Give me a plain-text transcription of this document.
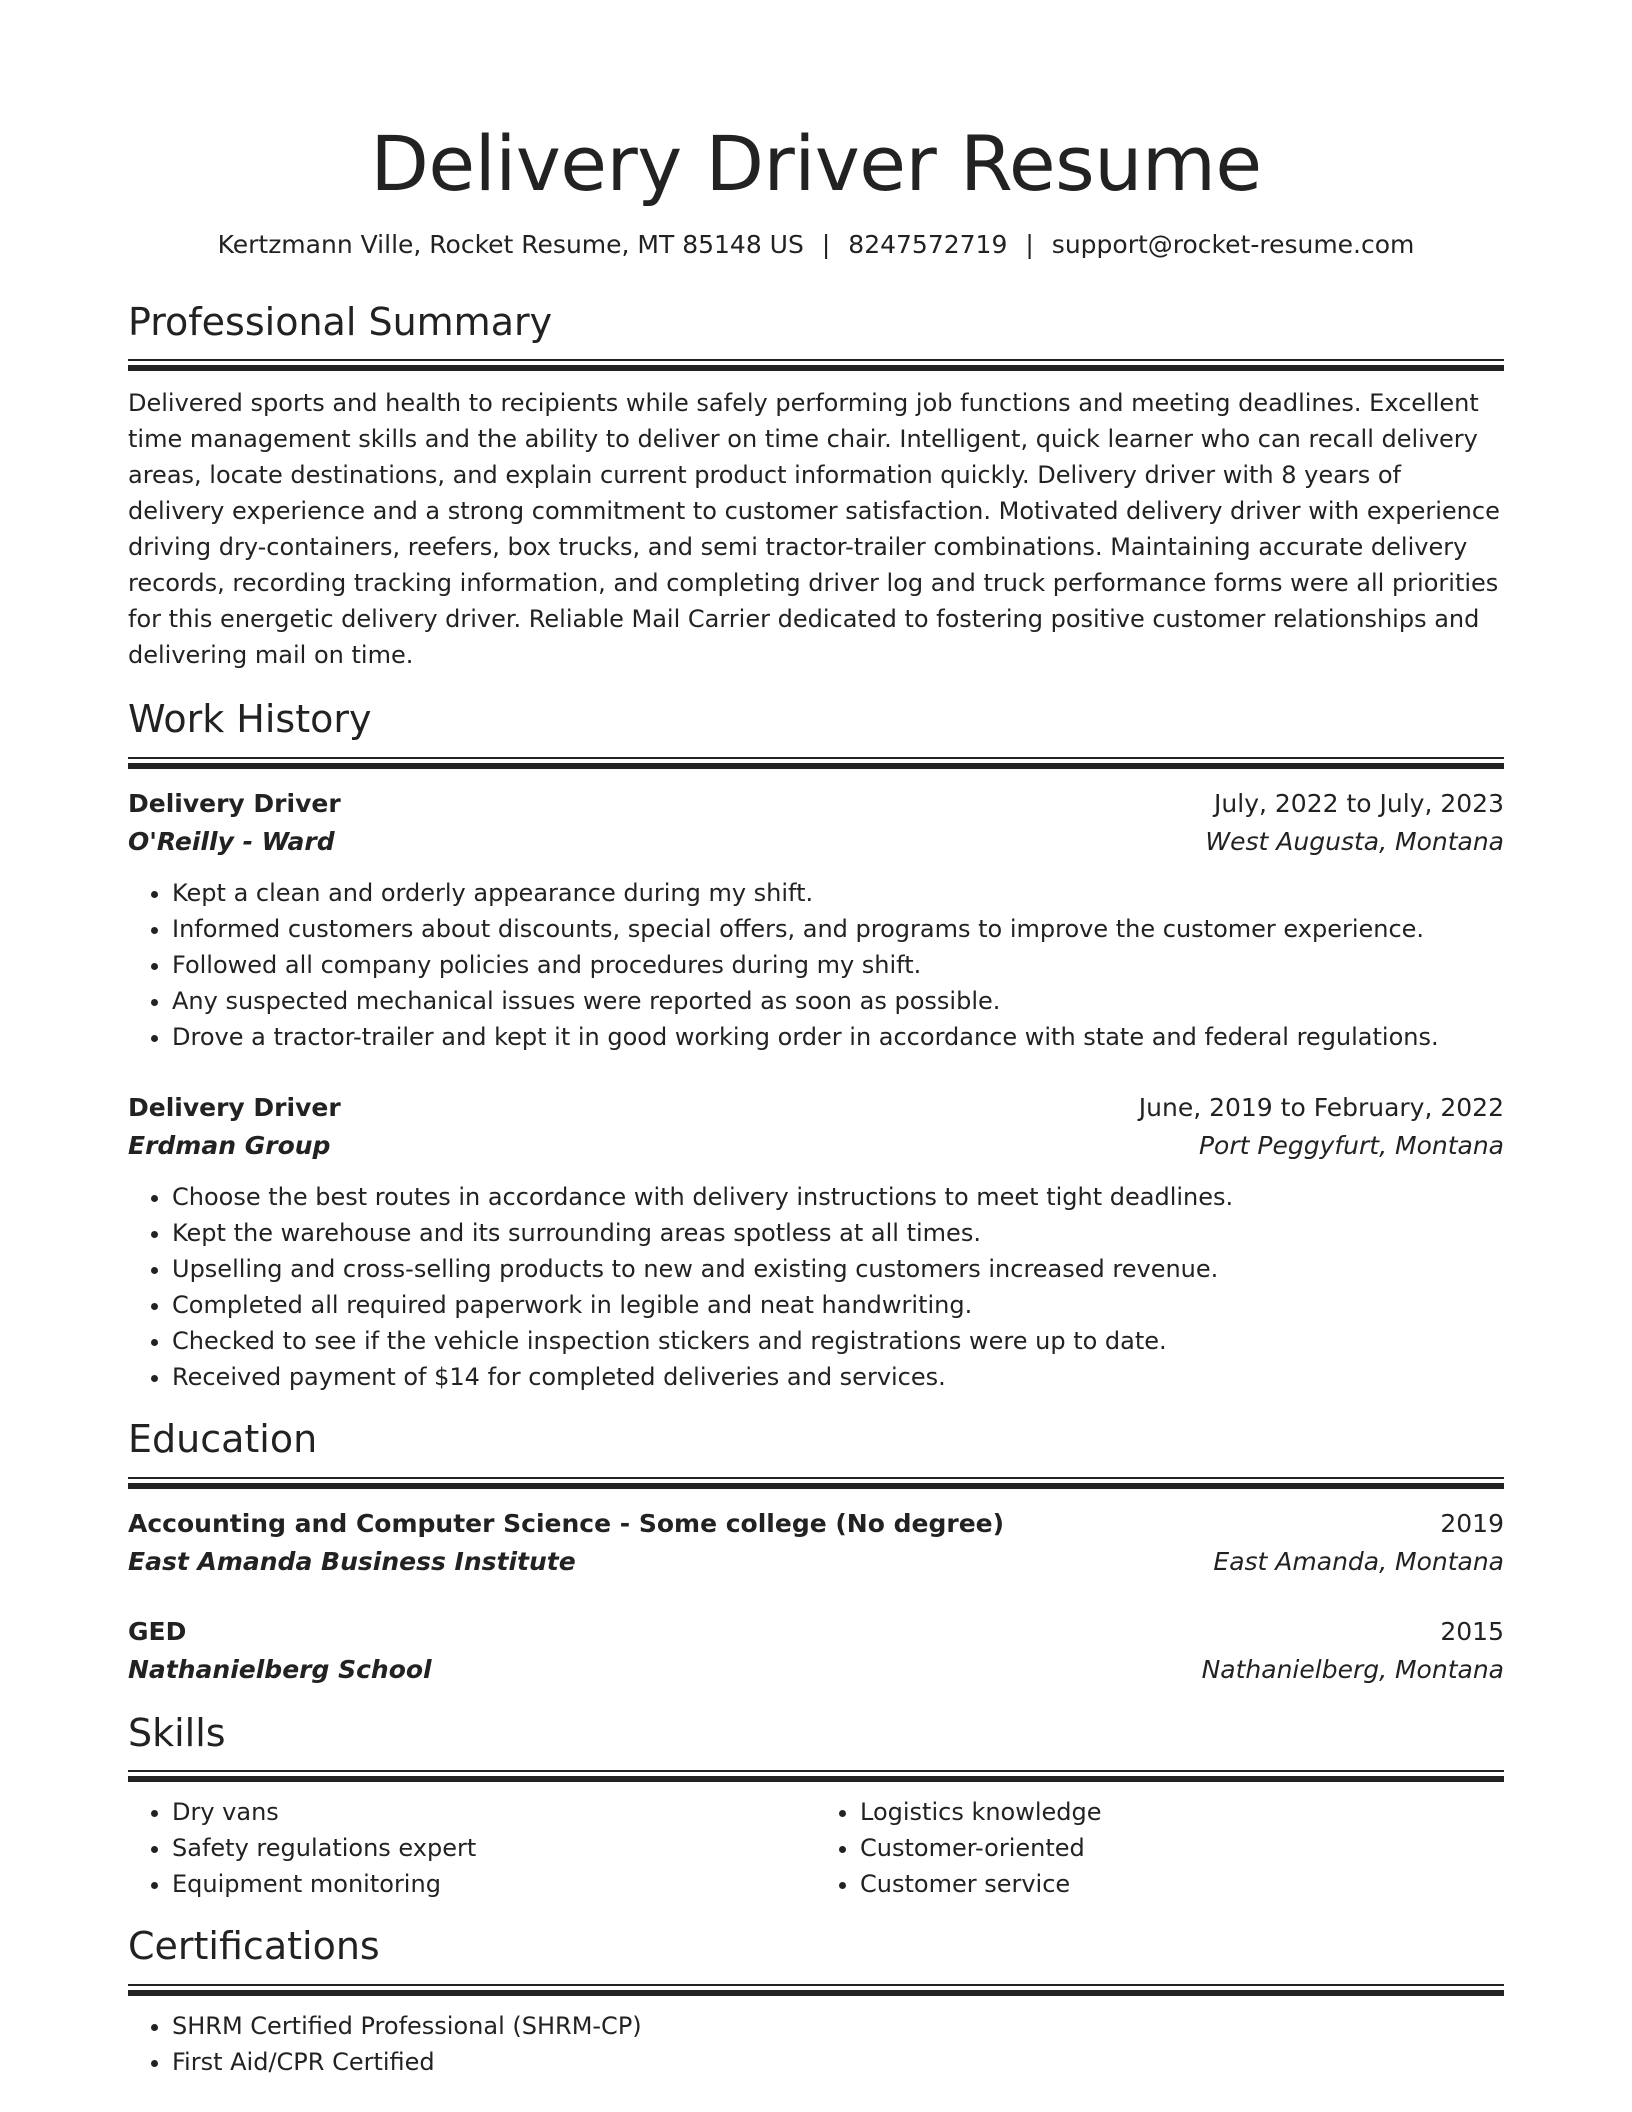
Delivery Driver Resume
Kertzmann Ville, Rocket Resume, MT 85148 US | 8247572719 | support@rocket-resume.com
Professional Summary
Delivered sports and health to recipients while safely performing job functions and meeting deadlines. Excellent time management skills and the ability to deliver on time chair. Intelligent, quick learner who can recall delivery areas, locate destinations, and explain current product information quickly. Delivery driver with 8 years of delivery experience and a strong commitment to customer satisfaction. Motivated delivery driver with experience driving dry-containers, reefers, box trucks, and semi tractor-trailer combinations. Maintaining accurate delivery records, recording tracking information, and completing driver log and truck performance forms were all priorities for this energetic delivery driver. Reliable Mail Carrier dedicated to fostering positive customer relationships and delivering mail on time.
Work History
Delivery Driver	July, 2022 to July, 2023
O'Reilly - Ward	West Augusta, Montana
• Kept a clean and orderly appearance during my shift.
• Informed customers about discounts, special offers, and programs to improve the customer experience.
• Followed all company policies and procedures during my shift.
• Any suspected mechanical issues were reported as soon as possible.
• Drove a tractor-trailer and kept it in good working order in accordance with state and federal regulations.
Delivery Driver	June, 2019 to February, 2022
Erdman Group	Port Peggyfurt, Montana
• Choose the best routes in accordance with delivery instructions to meet tight deadlines.
• Kept the warehouse and its surrounding areas spotless at all times.
• Upselling and cross-selling products to new and existing customers increased revenue.
• Completed all required paperwork in legible and neat handwriting.
• Checked to see if the vehicle inspection stickers and registrations were up to date.
• Received payment of $14 for completed deliveries and services.
Education
Accounting and Computer Science - Some college (No degree)	2019
East Amanda Business Institute	East Amanda, Montana
GED	2015
Nathanielberg School	Nathanielberg, Montana
Skills
• Dry vans
• Safety regulations expert
• Equipment monitoring
• Logistics knowledge
• Customer-oriented
• Customer service
Certifications
• SHRM Certified Professional (SHRM-CP)
• First Aid/CPR Certified
